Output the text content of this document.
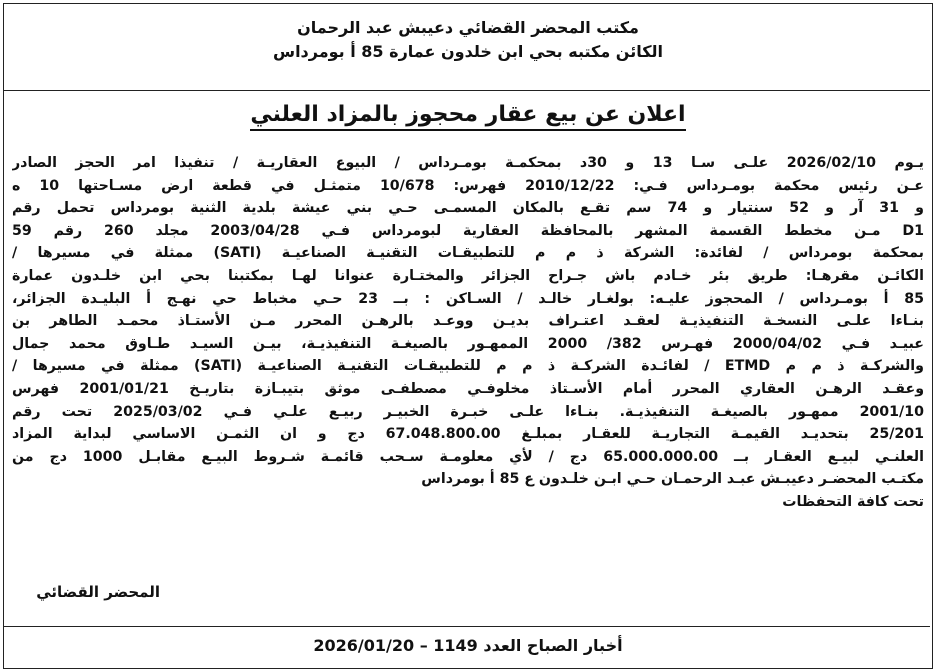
مكتب المحضر القضائي دعيبش عبد الرحمان
الكائن مكتبه بحي ابن خلدون عمارة 85 أ بومرداس
اعلان عن بيع عقار محجوز بالمزاد العلني
يـوم 2026/02/10 علـى سـا 13 و 30د بمحكمـة بومـرداس / البيوع العقاريـة / تنفيذا امر الحجز الصادر
عـن رئيس محكمة بومـرداس فـي: 2010/12/22 فهرس: 10/678 متمثـل في قطعة ارض مسـاحتها 10 ه
و 31 آر و 52 سنتيار و 74 سم تقـع بالمكان المسمـى حـي بني عيشة بلدية الثنية بومرداس تحمل رقم
D1 مـن مخطط القسمة المشهر بالمحافظة العقارية لبومرداس فـي 2003/04/28 مجلد 260 رقم 59
بمحكمة بومرداس / لفائدة: الشركة ذ م م للتطبيقـات التقنيـة الصناعيـة (SATI) ممثلة في مسيرها /
الكائـن مقرهـا: طريق بئر خـادم باش جـراح الجزائر والمختـارة عنوانا لهـا بمكتبنا بحي ابن خلـدون عمارة
85 أ بومـرداس / المحجوز عليـه: بولغـار خالـد / السـاكن : بــ 23 حـي مخباط حي نهـج أ البليـدة الجزائر،
بنـاءا علـى النسخـة التنفيذيـة لعقـد اعتـراف بديـن ووعـد بالرهـن المحرر مـن الأستـاذ محمـد الطاهر بن
عبيـد فـي 2000/04/02 فهـرس 382/ 2000 الممهـور بالصيغـة التنفيذيـة، بيـن السيـد طـاوق محمد جمال
والشركـة ذ م م ETMD / لفائـدة الشركـة ذ م م للتطبيقـات التقنيـة الصناعيـة (SATI) ممثلة في مسيرها /
وعقـد الرهـن العقاري المحرر أمام الأسـتاذ مخلوفـي مصطفـى موثق بتيبـازة بتاريـخ 2001/01/21 فهرس
2001/10 ممهـور بالصيغـة التنفيذيـة. بنـاءا علـى خبـرة الخبيـر ربيـع علـي فـي 2025/03/02 تحت رقم
25/201 بتحديـد القيمـة التجاريـة للعقـار بمبلـغ 67.048.800.00 دج و ان الثمـن الاساسي لبداية المزاد
العلنـي لبيـع العقـار بــ 65.000.000.00 دج / لأي معلومـة سـحب قائمـة شـروط البيـع مقابـل 1000 دج من
مكتـب المحضـر دعيبـش عبـد الرحمـان حـي ابـن خلـدون ع 85 أ بومرداس
تحت كافة التحفظات
المحضر القضائي
أخبار الصباح العدد 1149 – 2026/01/20
